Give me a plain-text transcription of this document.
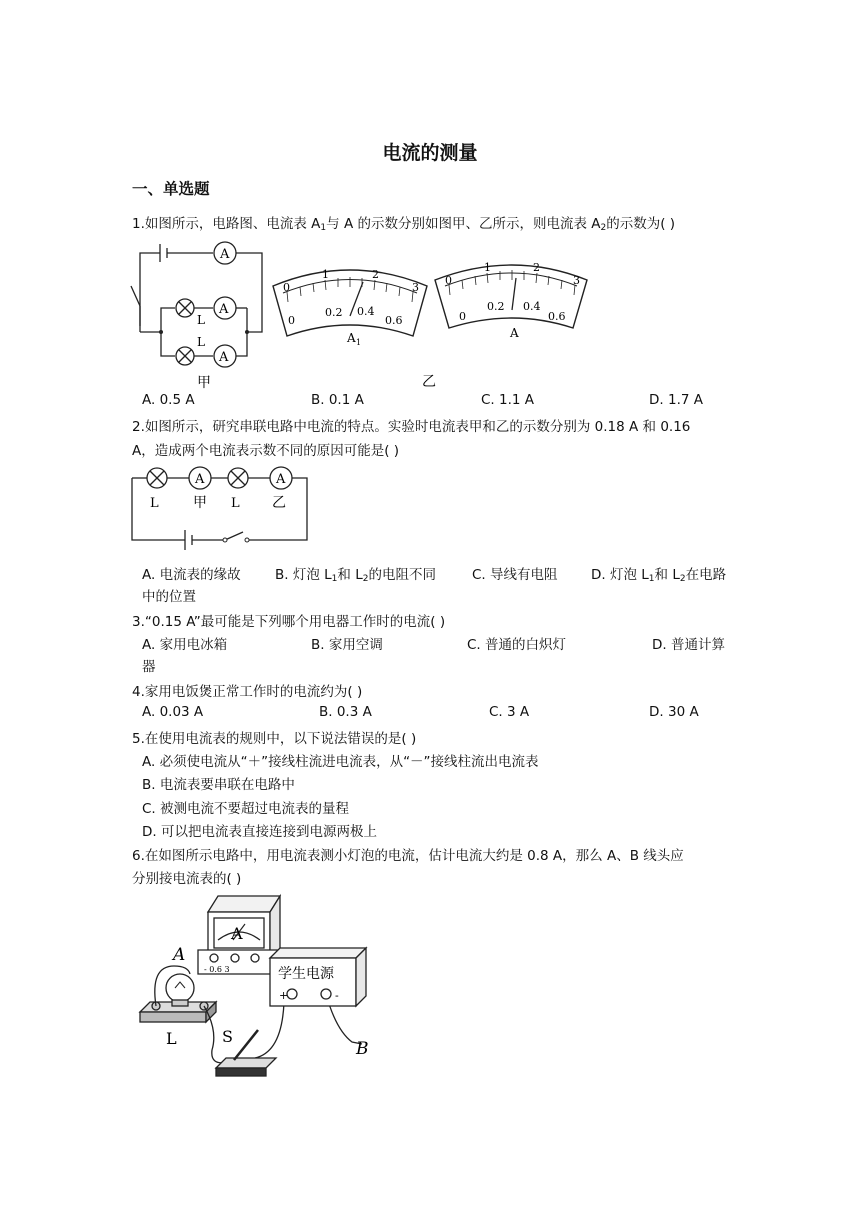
电流的测量
一、单选题
1.如图所示，电路图、电流表 $A_1$与 A 的示数分别如图甲、乙所示，则电流表 $A_2$的示数为( )
A
A
A
L
L
甲
0
1	2
3
0
0.2 0.4
0.6
A 1
0
1	2
3
0
0.2 0.4
0.6
A
乙
A. 0.5 A	B. 0.1 A	C. 1.1 A	D. 1.7 A
2.如图所示，研究串联电路中电流的特点。实验时电流表甲和乙的示数分别为 0.18 A 和 0.16
A，造成两个电流表示数不同的原因可能是( )
A	A
L 甲 L 乙
A. 电流表的缘故	B. 灯泡 $L_1$和 $L_2$的电阻不同	C. 导线有电阻 D. 灯泡 $L_1$和 $L_2$在电路
中的位置
3.“0.15 A”最可能是下列哪个用电器工作时的电流( )
A. 家用电冰箱	B. 家用空调	C. 普通的白炽灯	D. 普通计算
器
4.家用电饭煲正常工作时的电流约为( )
A. 0.03 A	B. 0.3 A	C. 3 A	D. 30 A
5.在使用电流表的规则中，以下说法错误的是( )
A. 必须使电流从“＋”接线柱流进电流表，从“－”接线柱流出电流表
B. 电流表要串联在电路中
C. 被测电流不要超过电流表的量程
D. 可以把电流表直接连接到电源两极上
6.在如图所示电路中，用电流表测小灯泡的电流，估计电流大约是 0.8 A，那么 A、B 线头应
分别接电流表的( )
A
- 0.6 3	学生电源
+	-
A
B
L	S
